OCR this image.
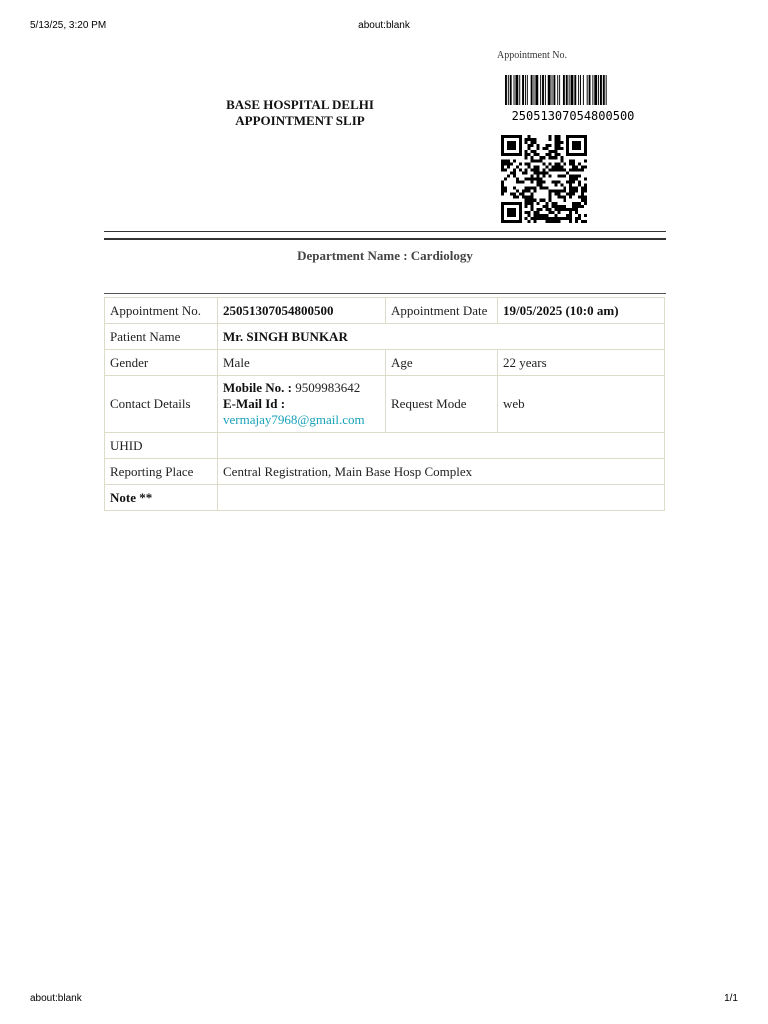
5/13/25, 3:20 PM	about:blank
Appointment No.
25051307054800500
BASE HOSPITAL DELHI
APPOINTMENT SLIP
Department Name : Cardiology
Appointment No.	25051307054800500	Appointment Date	19/05/2025 (10:0 am)
Patient Name	Mr. SINGH BUNKAR		
Gender	Male	Age	22 years
Contact Details	Mobile No. : 9509983642
E-Mail Id :
vermajay7968@gmail.com	Request Mode	web
UHID			
Reporting Place	Central Registration, Main Base Hosp Complex		
Note **			
about:blank	1/1
